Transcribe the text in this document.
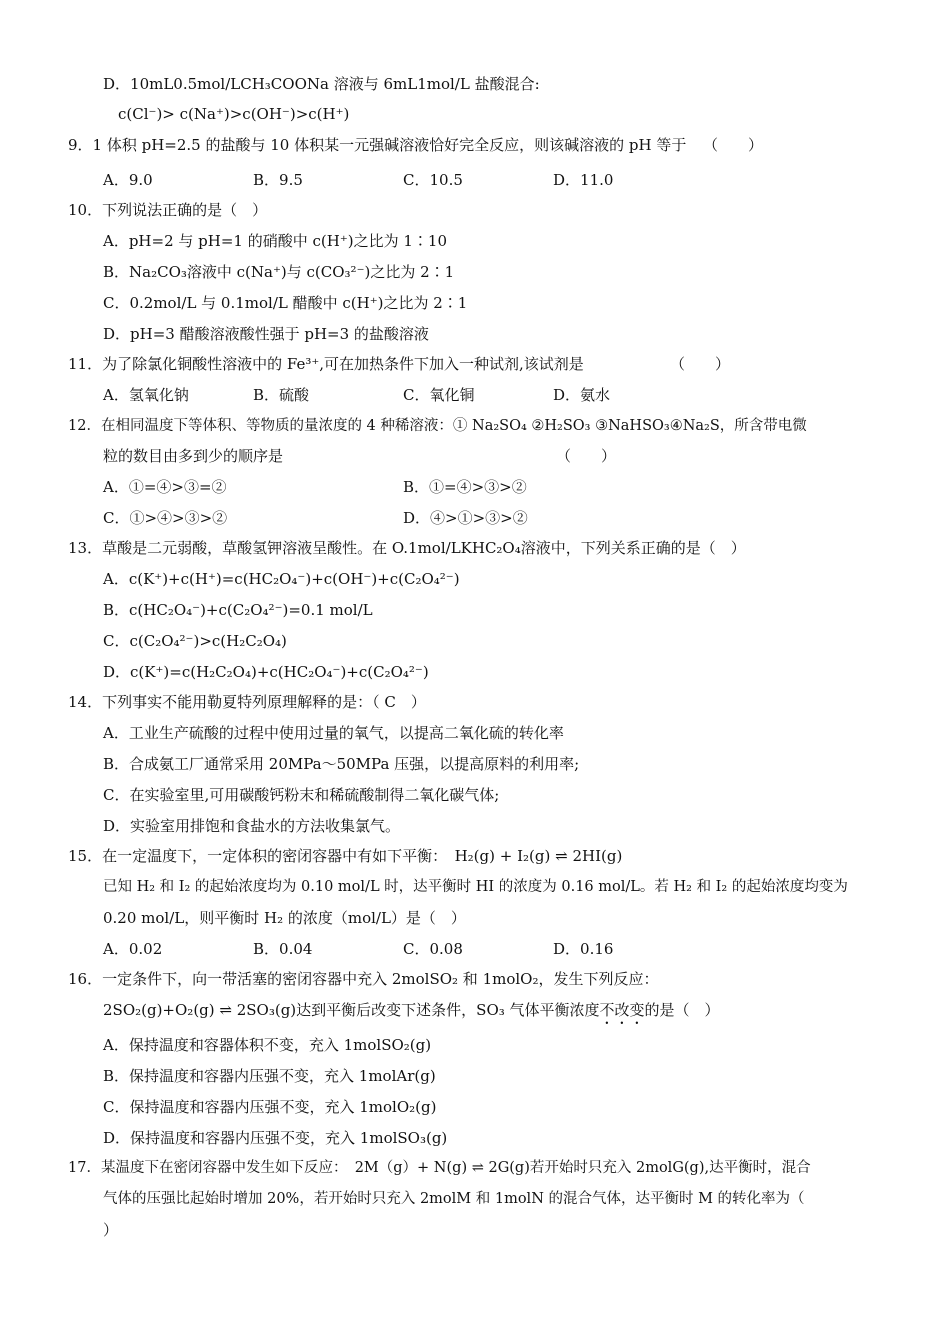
D．10mL0.5mol/LCH₃COONa 溶液与 6mL1mol/L 盐酸混合:
c(Cl⁻)> c(Na⁺)>c(OH⁻)>c(H⁺)
9．1 体积 pH=2.5 的盐酸与 10 体积某一元强碱溶液恰好完全反应，则该碱溶液的 pH 等于 （　　）
A．9.0	B．9.5	C．10.5	D．11.0
10．下列说法正确的是（　）
A．pH=2 与 pH=1 的硝酸中 c(H⁺)之比为 1∶10
B．Na₂CO₃溶液中 c(Na⁺)与 c(CO₃²⁻)之比为 2∶1
C．0.2mol/L 与 0.1mol/L 醋酸中 c(H⁺)之比为 2∶1
D．pH=3 醋酸溶液酸性强于 pH=3 的盐酸溶液
11．为了除氯化铜酸性溶液中的 Fe³⁺,可在加热条件下加入一种试剂,该试剂是	（　　）
A．氢氧化钠	B．硫酸	C．氧化铜	D．氨水
12．在相同温度下等体积、等物质的量浓度的 4 种稀溶液：① Na₂SO₄ ②H₂SO₃ ③NaHSO₃④Na₂S，所含带电微
粒的数目由多到少的顺序是	（　　）
A．①=④>③=②	B．①=④>③>②
C．①>④>③>②	D．④>①>③>②
13．草酸是二元弱酸，草酸氢钾溶液呈酸性。在 O.1mol/LKHC₂O₄溶液中，下列关系正确的是（　）
A．c(K⁺)+c(H⁺)=c(HC₂O₄⁻)+c(OH⁻)+c(C₂O₄²⁻)
B．c(HC₂O₄⁻)+c(C₂O₄²⁻)=0.1 mol/L
C．c(C₂O₄²⁻)>c(H₂C₂O₄)
D．c(K⁺)=c(H₂C₂O₄)+c(HC₂O₄⁻)+c(C₂O₄²⁻)
14．下列事实不能用勒夏特列原理解释的是：（ C　）
A．工业生产硫酸的过程中使用过量的氧气，以提高二氧化硫的转化率
B．合成氨工厂通常采用 20MPa～50MPa 压强，以提高原料的利用率;
C．在实验室里,可用碳酸钙粉末和稀硫酸制得二氧化碳气体;
D．实验室用排饱和食盐水的方法收集氯气。
15．在一定温度下，一定体积的密闭容器中有如下平衡：　H₂(g) + I₂(g) ⇌ 2HI(g)
已知 H₂ 和 I₂ 的起始浓度均为 0.10 mol/L 时，达平衡时 HI 的浓度为 0.16 mol/L。若 H₂ 和 I₂ 的起始浓度均变为
0.20 mol/L，则平衡时 H₂ 的浓度（mol/L）是（　）
A．0.02	B．0.04	C．0.08	D．0.16
16．一定条件下，向一带活塞的密闭容器中充入 2molSO₂ 和 1molO₂，发生下列反应：
2SO₂(g)+O₂(g) ⇌ 2SO₃(g)达到平衡后改变下述条件，SO₃ 气体平衡浓度不改变的是（　）
A．保持温度和容器体积不变，充入 1molSO₂(g)
B．保持温度和容器内压强不变，充入 1molAr(g)
C．保持温度和容器内压强不变，充入 1molO₂(g)
D．保持温度和容器内压强不变，充入 1molSO₃(g)
17．某温度下在密闭容器中发生如下反应：　2M（g）+ N(g) ⇌ 2G(g)若开始时只充入 2molG(g),达平衡时，混合
气体的压强比起始时增加 20%，若开始时只充入 2molM 和 1molN 的混合气体，达平衡时 M 的转化率为（
）
